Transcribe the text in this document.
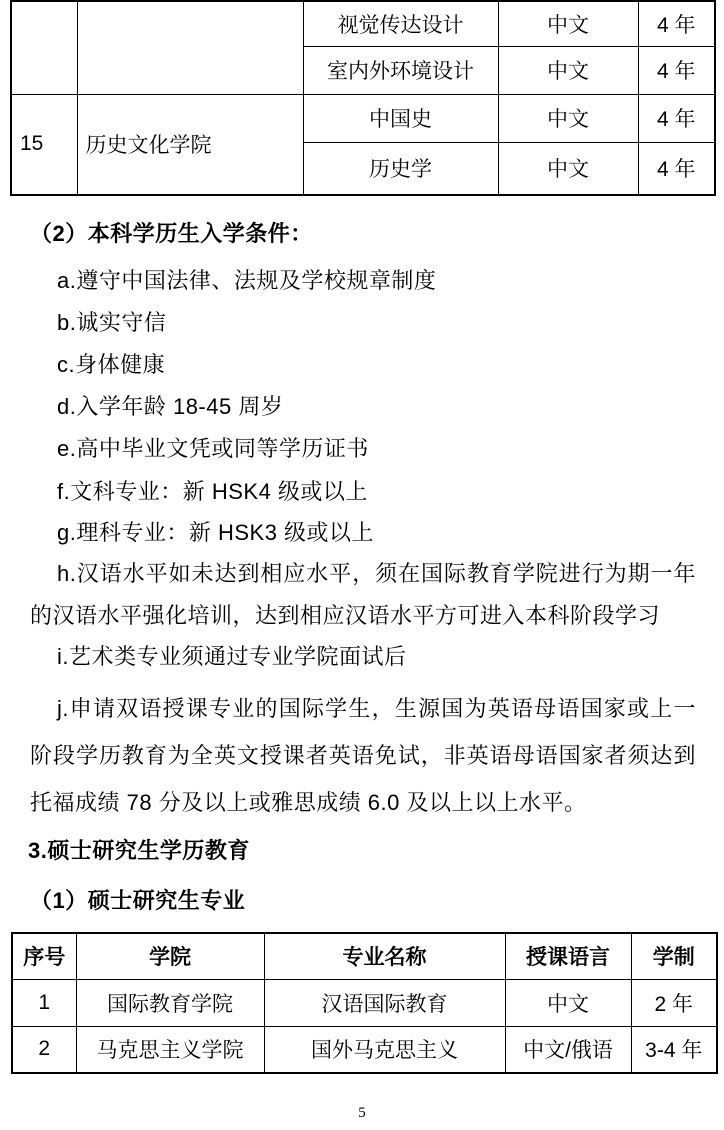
		视觉传达设计	中文	4 年
		室内外环境设计	中文	4 年
15	历史文化学院	中国史	中文	4 年
		历史学	中文	4 年
（2）本科学历生入学条件：
a.遵守中国法律、法规及学校规章制度
b.诚实守信
c.身体健康
d.入学年龄 18-45 周岁
e.高中毕业文凭或同等学历证书
f.文科专业：新 HSK4 级或以上
g.理科专业：新 HSK3 级或以上
h.汉语水平如未达到相应水平，须在国际教育学院进行为期一年的汉语水平强化培训，达到相应汉语水平方可进入本科阶段学习
i.艺术类专业须通过专业学院面试后
j.申请双语授课专业的国际学生，生源国为英语母语国家或上一阶段学历教育为全英文授课者英语免试，非英语母语国家者须达到托福成绩 78 分及以上或雅思成绩 6.0 及以上以上水平。
3.硕士研究生学历教育
（1）硕士研究生专业
序号	学院	专业名称	授课语言	学制
1	国际教育学院	汉语国际教育	中文	2 年
2	马克思主义学院	国外马克思主义	中文/俄语	3-4 年
5
